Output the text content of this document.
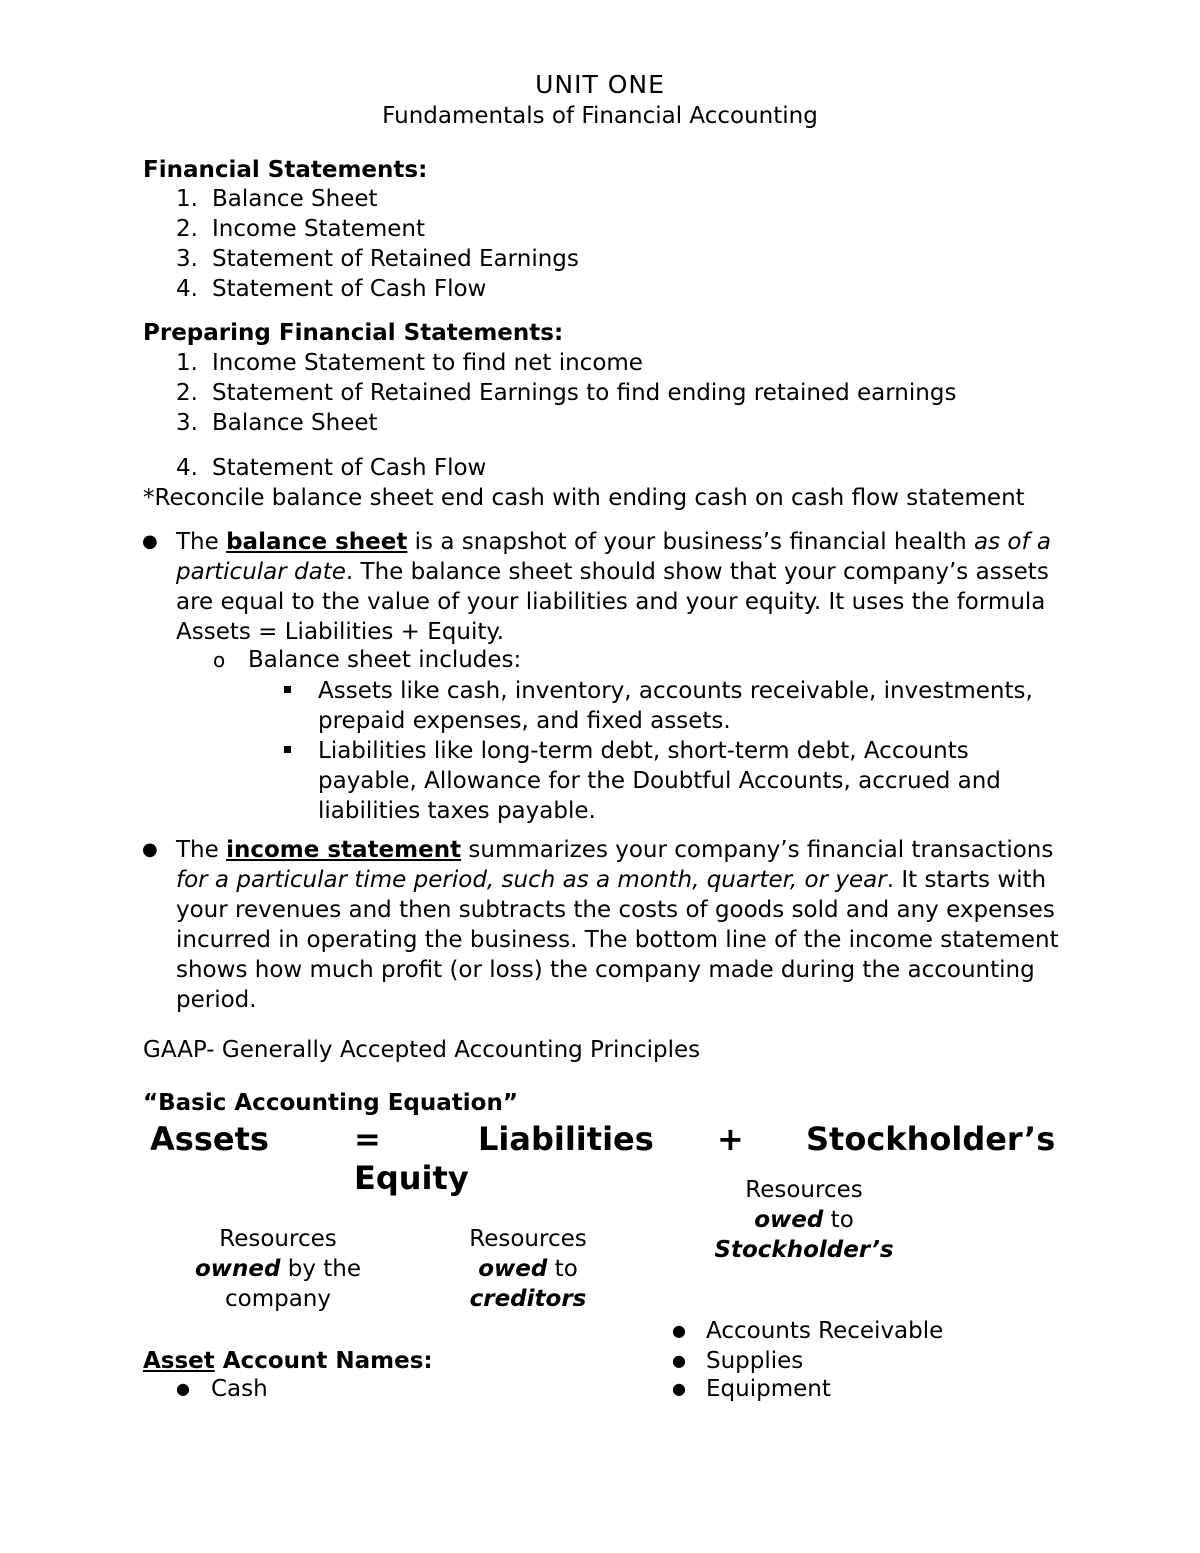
UNIT ONE
Fundamentals of Financial Accounting
Financial Statements:
1. Balance Sheet
2. Income Statement
3. Statement of Retained Earnings
4. Statement of Cash Flow
Preparing Financial Statements:
1. Income Statement to find net income
2. Statement of Retained Earnings to find ending retained earnings
3. Balance Sheet
4. Statement of Cash Flow
*Reconcile balance sheet end cash with ending cash on cash flow statement
● The balance sheet is a snapshot of your business’s financial health as of a particular date. The balance sheet should show that your company’s assets are equal to the value of your liabilities and your equity. It uses the formula Assets = Liabilities + Equity.
o Balance sheet includes:
Assets like cash, inventory, accounts receivable, investments, prepaid expenses, and fixed assets.
Liabilities like long-term debt, short-term debt, Accounts payable, Allowance for the Doubtful Accounts, accrued and liabilities taxes payable.
● The income statement summarizes your company’s financial transactions for a particular time period, such as a month, quarter, or year. It starts with your revenues and then subtracts the costs of goods sold and any expenses incurred in operating the business. The bottom line of the income statement shows how much profit (or loss) the company made during the accounting period.
GAAP- Generally Accepted Accounting Principles
“Basic Accounting Equation”
Assets	=	Liabilities + Stockholder’s
Equity
Resources
owned by the
company
Resources
owed to
creditors
Resources
owed to
Stockholder’s
Asset Account Names:
● Cash
● Accounts Receivable
● Supplies
● Equipment
